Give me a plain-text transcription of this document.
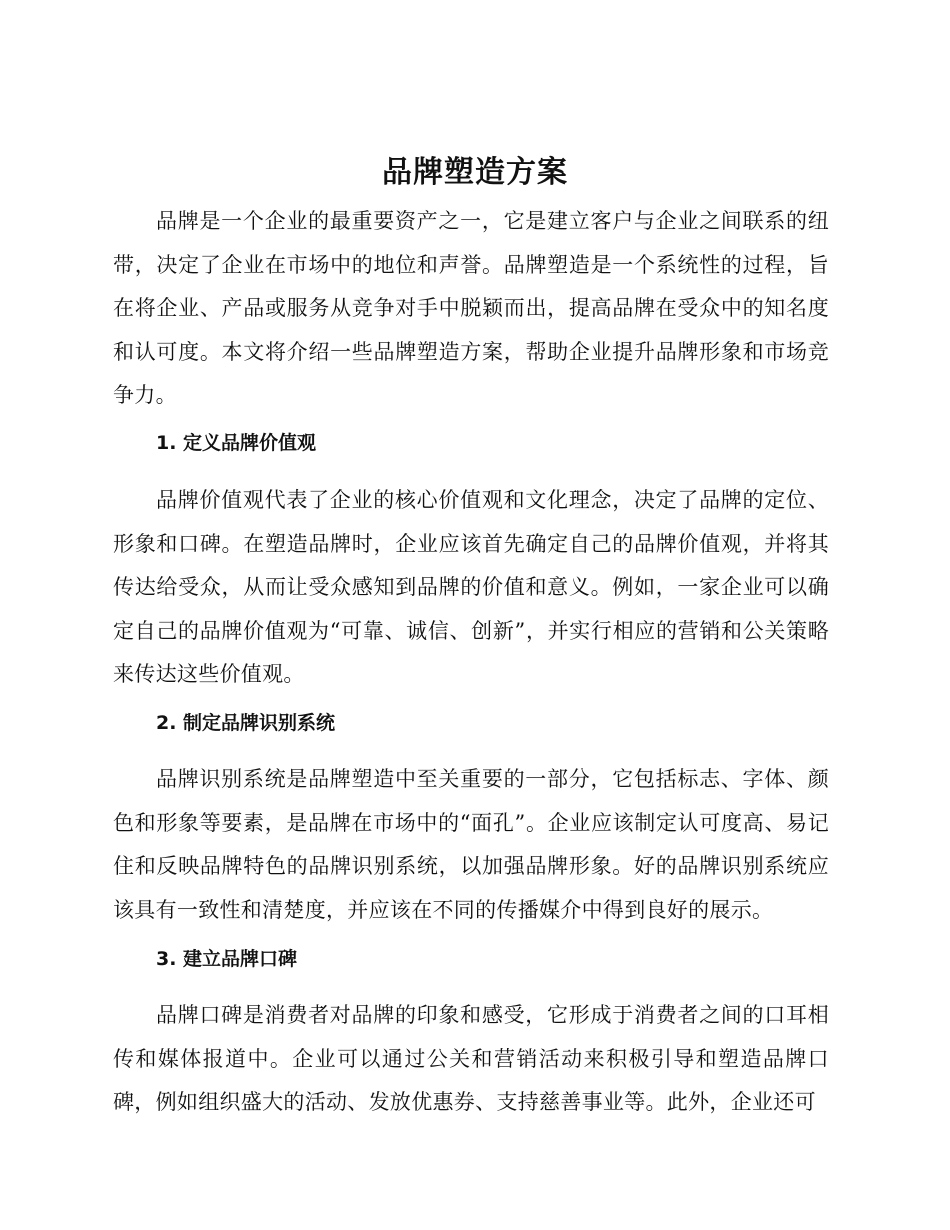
品牌塑造方案

品牌是一个企业的最重要资产之一，它是建立客户与企业之间联系的纽带，决定了企业在市场中的地位和声誉。品牌塑造是一个系统性的过程，旨在将企业、产品或服务从竞争对手中脱颖而出，提高品牌在受众中的知名度和认可度。本文将介绍一些品牌塑造方案，帮助企业提升品牌形象和市场竞争力。

1. 定义品牌价值观

品牌价值观代表了企业的核心价值观和文化理念，决定了品牌的定位、形象和口碑。在塑造品牌时，企业应该首先确定自己的品牌价值观，并将其传达给受众，从而让受众感知到品牌的价值和意义。例如，一家企业可以确定自己的品牌价值观为“可靠、诚信、创新”，并实行相应的营销和公关策略来传达这些价值观。

2. 制定品牌识别系统

品牌识别系统是品牌塑造中至关重要的一部分，它包括标志、字体、颜色和形象等要素，是品牌在市场中的“面孔”。企业应该制定认可度高、易记住和反映品牌特色的品牌识别系统，以加强品牌形象。好的品牌识别系统应该具有一致性和清楚度，并应该在不同的传播媒介中得到良好的展示。

3. 建立品牌口碑

品牌口碑是消费者对品牌的印象和感受，它形成于消费者之间的口耳相传和媒体报道中。企业可以通过公关和营销活动来积极引导和塑造品牌口碑，例如组织盛大的活动、发放优惠券、支持慈善事业等。此外，企业还可
